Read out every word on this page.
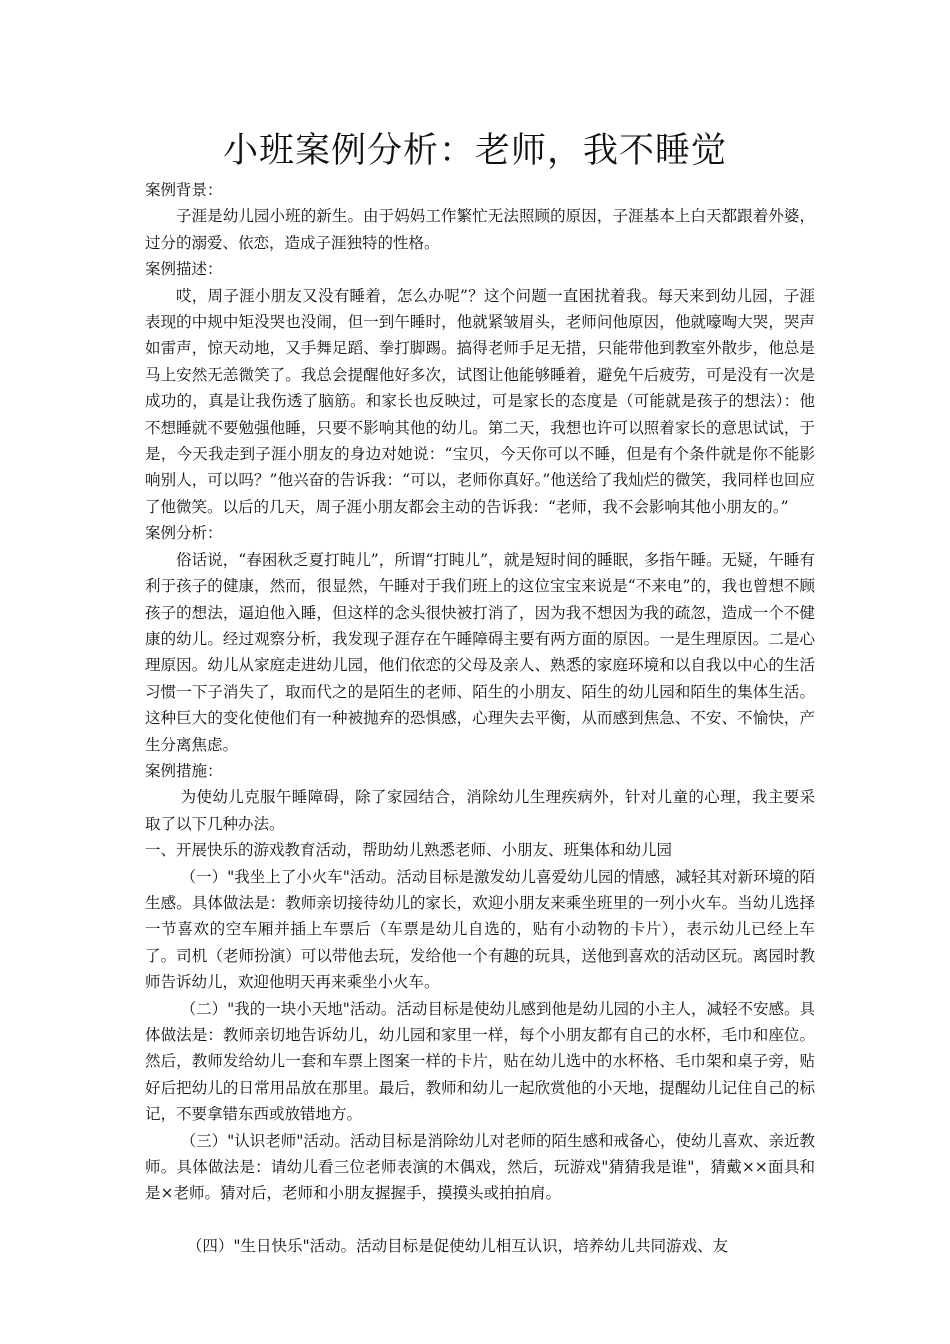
小班案例分析：老师，我不睡觉

案例背景：

子涯是幼儿园小班的新生。由于妈妈工作繁忙无法照顾的原因，子涯基本上白天都跟着外婆，过分的溺爱、依恋，造成子涯独特的性格。

案例描述：

哎，周子涯小朋友又没有睡着，怎么办呢”？这个问题一直困扰着我。每天来到幼儿园，子涯表现的中规中矩没哭也没闹，但一到午睡时，他就紧皱眉头，老师问他原因，他就嚎啕大哭，哭声如雷声，惊天动地，又手舞足蹈、拳打脚踢。搞得老师手足无措，只能带他到教室外散步，他总是马上安然无恙微笑了。我总会提醒他好多次，试图让他能够睡着，避免午后疲劳，可是没有一次是成功的，真是让我伤透了脑筋。和家长也反映过，可是家长的态度是（可能就是孩子的想法）：他不想睡就不要勉强他睡，只要不影响其他的幼儿。第二天，我想也许可以照着家长的意思试试，于是，今天我走到子涯小朋友的身边对她说：“宝贝，今天你可以不睡，但是有个条件就是你不能影响别人，可以吗？”他兴奋的告诉我：“可以，老师你真好。”他送给了我灿烂的微笑，我同样也回应了他微笑。以后的几天，周子涯小朋友都会主动的告诉我：“老师，我不会影响其他小朋友的。”

案例分析：

俗话说，“春困秋乏夏打盹儿”，所谓“打盹儿”，就是短时间的睡眠，多指午睡。无疑，午睡有利于孩子的健康，然而，很显然，午睡对于我们班上的这位宝宝来说是“不来电”的，我也曾想不顾孩子的想法，逼迫他入睡，但这样的念头很快被打消了，因为我不想因为我的疏忽，造成一个不健康的幼儿。经过观察分析，我发现子涯存在午睡障碍主要有两方面的原因。一是生理原因。二是心理原因。幼儿从家庭走进幼儿园，他们依恋的父母及亲人、熟悉的家庭环境和以自我以中心的生活习惯一下子消失了，取而代之的是陌生的老师、陌生的小朋友、陌生的幼儿园和陌生的集体生活。这种巨大的变化使他们有一种被抛弃的恐惧感，心理失去平衡，从而感到焦急、不安、不愉快，产生分离焦虑。

案例措施：

为使幼儿克服午睡障碍，除了家园结合，消除幼儿生理疾病外，针对儿童的心理，我主要采取了以下几种办法。

一、开展快乐的游戏教育活动，帮助幼儿熟悉老师、小朋友、班集体和幼儿园

（一）"我坐上了小火车"活动。活动目标是激发幼儿喜爱幼儿园的情感，减轻其对新环境的陌生感。具体做法是：教师亲切接待幼儿的家长，欢迎小朋友来乘坐班里的一列小火车。当幼儿选择一节喜欢的空车厢并插上车票后（车票是幼儿自选的，贴有小动物的卡片），表示幼儿已经上车了。司机（老师扮演）可以带他去玩，发给他一个有趣的玩具，送他到喜欢的活动区玩。离园时教师告诉幼儿，欢迎他明天再来乘坐小火车。

（二）"我的一块小天地"活动。活动目标是使幼儿感到他是幼儿园的小主人，减轻不安感。具体做法是：教师亲切地告诉幼儿，幼儿园和家里一样，每个小朋友都有自己的水杯，毛巾和座位。然后，教师发给幼儿一套和车票上图案一样的卡片，贴在幼儿选中的水杯格、毛巾架和桌子旁，贴好后把幼儿的日常用品放在那里。最后，教师和幼儿一起欣赏他的小天地，提醒幼儿记住自己的标记，不要拿错东西或放错地方。

（三）"认识老师"活动。活动目标是消除幼儿对老师的陌生感和戒备心，使幼儿喜欢、亲近教师。具体做法是：请幼儿看三位老师表演的木偶戏，然后，玩游戏"猜猜我是谁"，猜戴××面具和是×老师。猜对后，老师和小朋友握握手，摸摸头或拍拍肩。

（四）"生日快乐"活动。活动目标是促使幼儿相互认识，培养幼儿共同游戏、友
